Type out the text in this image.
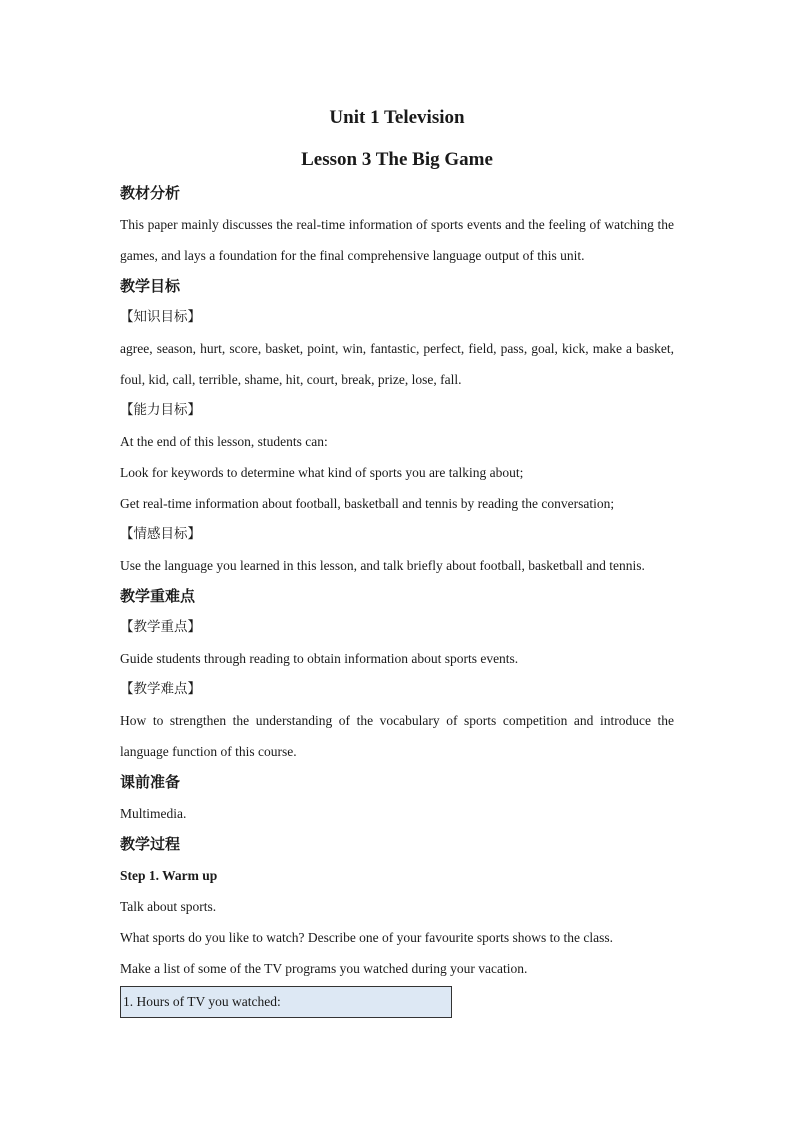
Unit 1 Television
Lesson 3 The Big Game
教材分析

This paper mainly discusses the real-time information of sports events and the feeling of watching the games, and lays a foundation for the final comprehensive language output of this unit.

教学目标
【知识目标】

agree, season, hurt, score, basket, point, win, fantastic, perfect, field, pass, goal, kick, make a basket, foul, kid, call, terrible, shame, hit, court, break, prize, lose, fall.

【能力目标】

At the end of this lesson, students can:

Look for keywords to determine what kind of sports you are talking about;

Get real-time information about football, basketball and tennis by reading the conversation;

【情感目标】

Use the language you learned in this lesson, and talk briefly about football, basketball and tennis.

教学重难点
【教学重点】

Guide students through reading to obtain information about sports events.

【教学难点】

How to strengthen the understanding of the vocabulary of sports competition and introduce the language function of this course.

课前准备

Multimedia.

教学过程

Step 1. Warm up

Talk about sports.

What sports do you like to watch? Describe one of your favourite sports shows to the class.

Make a list of some of the TV programs you watched during your vacation.

1. Hours of TV you watched:
